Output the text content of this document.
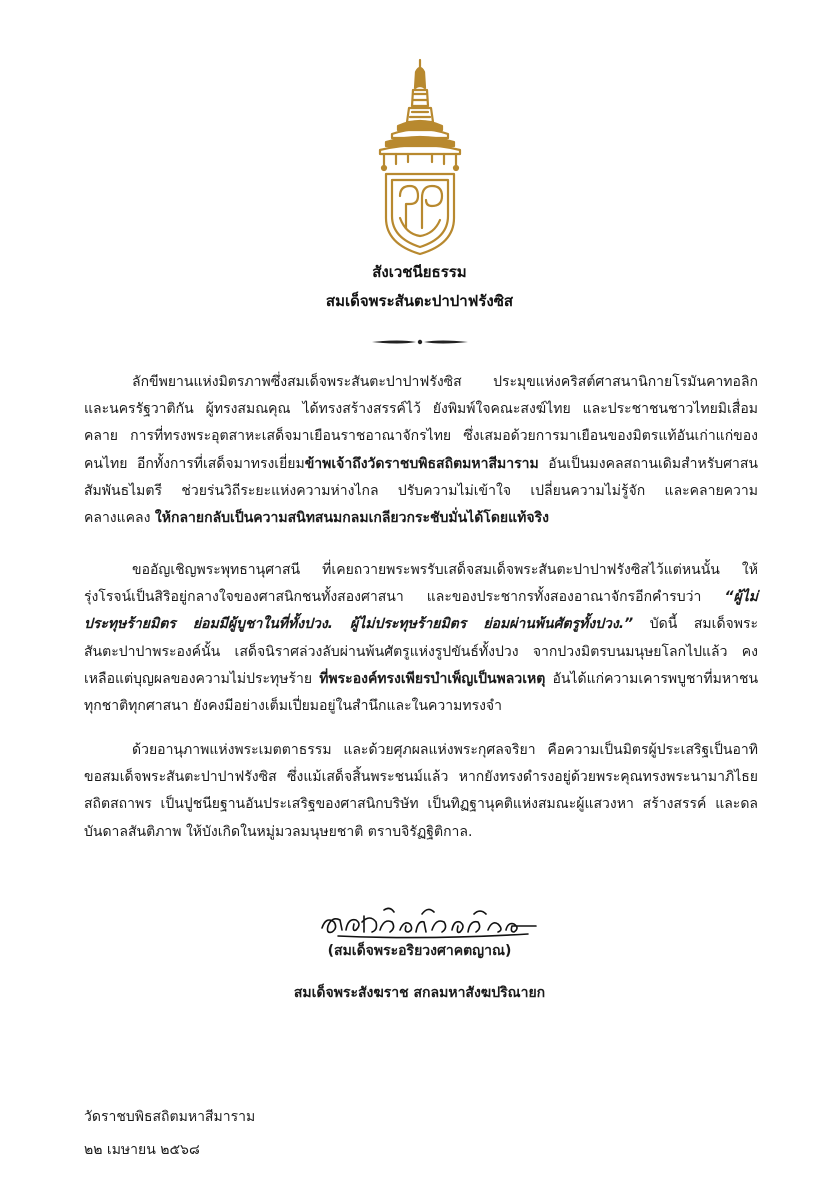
สังเวชนียธรรม
สมเด็จพระสันตะปาปาฟรังซิส
ลักขีพยานแห่งมิตรภาพซึ่งสมเด็จพระสันตะปาปาฟรังซิส ประมุขแห่งคริสต์ศาสนานิกายโรมันคาทอลิก และนครรัฐวาติกัน ผู้ทรงสมณคุณ ได้ทรงสร้างสรรค์ไว้ ยังพิมพ์ใจคณะสงฆ์ไทย และประชาชนชาวไทยมิเสื่อมคลาย การที่ทรงพระอุตสาหะเสด็จมาเยือนราชอาณาจักรไทย ซึ่งเสมอด้วยการมาเยือนของมิตรแท้อันเก่าแก่ของคนไทย อีกทั้งการที่เสด็จมาทรงเยี่ยมข้าพเจ้าถึงวัดราชบพิธสถิตมหาสีมาราม อันเป็นมงคลสถานเดิมสำหรับศาสนสัมพันธไมตรี ช่วยร่นวิถีระยะแห่งความห่างไกล ปรับความไม่เข้าใจ เปลี่ยนความไม่รู้จัก และคลายความคลางแคลง ให้กลายกลับเป็นความสนิทสนมกลมเกลียวกระชับมั่นได้โดยแท้จริง
ขออัญเชิญพระพุทธานุศาสนี ที่เคยถวายพระพรรับเสด็จสมเด็จพระสันตะปาปาฟรังซิสไว้แต่หนนั้น ให้รุ่งโรจน์เป็นสิริอยู่กลางใจของศาสนิกชนทั้งสองศาสนา และของประชากรทั้งสองอาณาจักรอีกคำรบว่า “ผู้ไม่ประทุษร้ายมิตร ย่อมมีผู้บูชาในที่ทั้งปวง. ผู้ไม่ประทุษร้ายมิตร ย่อมผ่านพ้นศัตรูทั้งปวง.” บัดนี้ สมเด็จพระสันตะปาปาพระองค์นั้น เสด็จนิราศล่วงลับผ่านพ้นศัตรูแห่งรูปขันธ์ทั้งปวง จากปวงมิตรบนมนุษยโลกไปแล้ว คงเหลือแต่บุญผลของความไม่ประทุษร้าย ที่พระองค์ทรงเพียรบำเพ็ญเป็นพลวเหตุ อันได้แก่ความเคารพบูชาที่มหาชนทุกชาติทุกศาสนา ยังคงมีอย่างเต็มเปี่ยมอยู่ในสำนึกและในความทรงจำ
ด้วยอานุภาพแห่งพระเมตตาธรรม และด้วยศุภผลแห่งพระกุศลจริยา คือความเป็นมิตรผู้ประเสริฐเป็นอาทิ ขอสมเด็จพระสันตะปาปาฟรังซิส ซึ่งแม้เสด็จสิ้นพระชนม์แล้ว หากยังทรงดำรงอยู่ด้วยพระคุณทรงพระนามาภิไธยสถิตสถาพร เป็นปูชนียฐานอันประเสริฐของศาสนิกบริษัท เป็นทิฏฐานุคติแห่งสมณะผู้แสวงหา สร้างสรรค์ และดลบันดาลสันติภาพ ให้บังเกิดในหมู่มวลมนุษยชาติ ตราบจิรัฏฐิติกาล.
(สมเด็จพระอริยวงศาคตญาณ)
สมเด็จพระสังฆราช สกลมหาสังฆปริณายก
วัดราชบพิธสถิตมหาสีมาราม
๒๒ เมษายน ๒๕๖๘
